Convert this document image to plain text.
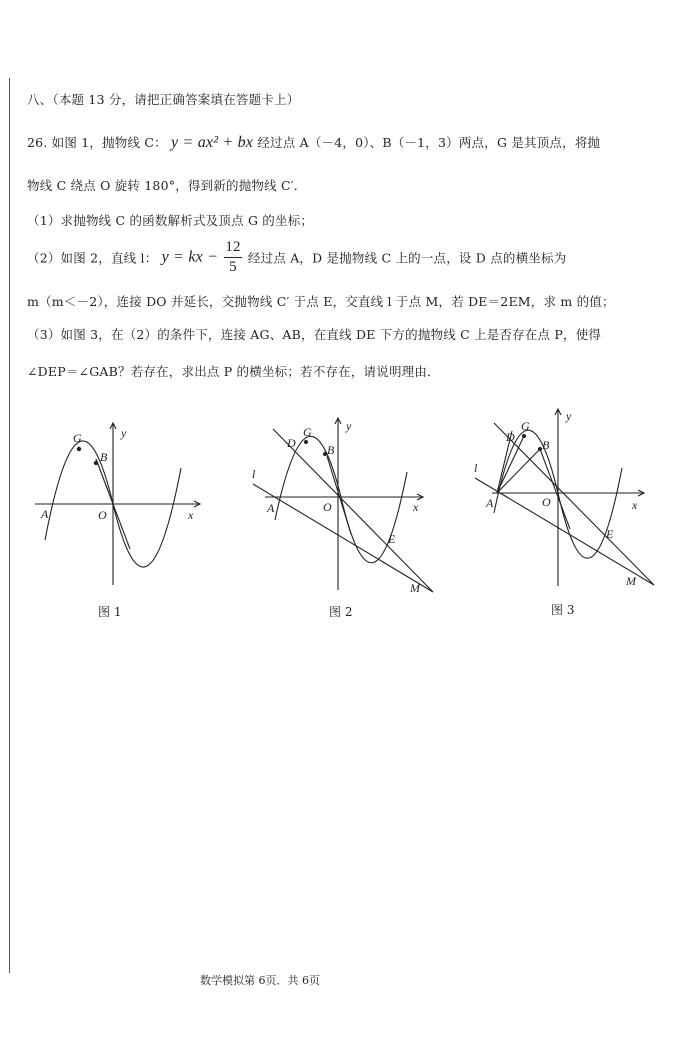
八、（本题 13 分，请把正确答案填在答题卡上）
26. 如图 1，抛物线 C： y = ax² + bx 经过点 A（－4，0）、B（－1，3）两点，G 是其顶点，将抛
物线 C 绕点 O 旋转 180°，得到新的抛物线 C′．
（1）求抛物线 C 的函数解析式及顶点 G 的坐标；
（2）如图 2，直线 l： y = kx − $\frac{12}{5}$ 经过点 A，D 是抛物线 C 上的一点，设 D 点的横坐标为
m（m＜－2），连接 DO 并延长，交抛物线 C′ 于点 E，交直线 l 于点 M，若 DE＝2EM，求 m 的值；
（3）如图 3，在（2）的条件下，连接 AG、AB，在直线 DE 下方的抛物线 C 上是否存在点 P，使得
∠DEP＝∠GAB？若存在，求出点 P 的横坐标；若不存在，请说明理由．
G
B
A	O	x
y
图 1
D
G
B
l
A	O	x
y
E
M
图 2
D
G
B
l
A	O	x
y
E
M
图 3
数学模拟第 6页．共 6页
